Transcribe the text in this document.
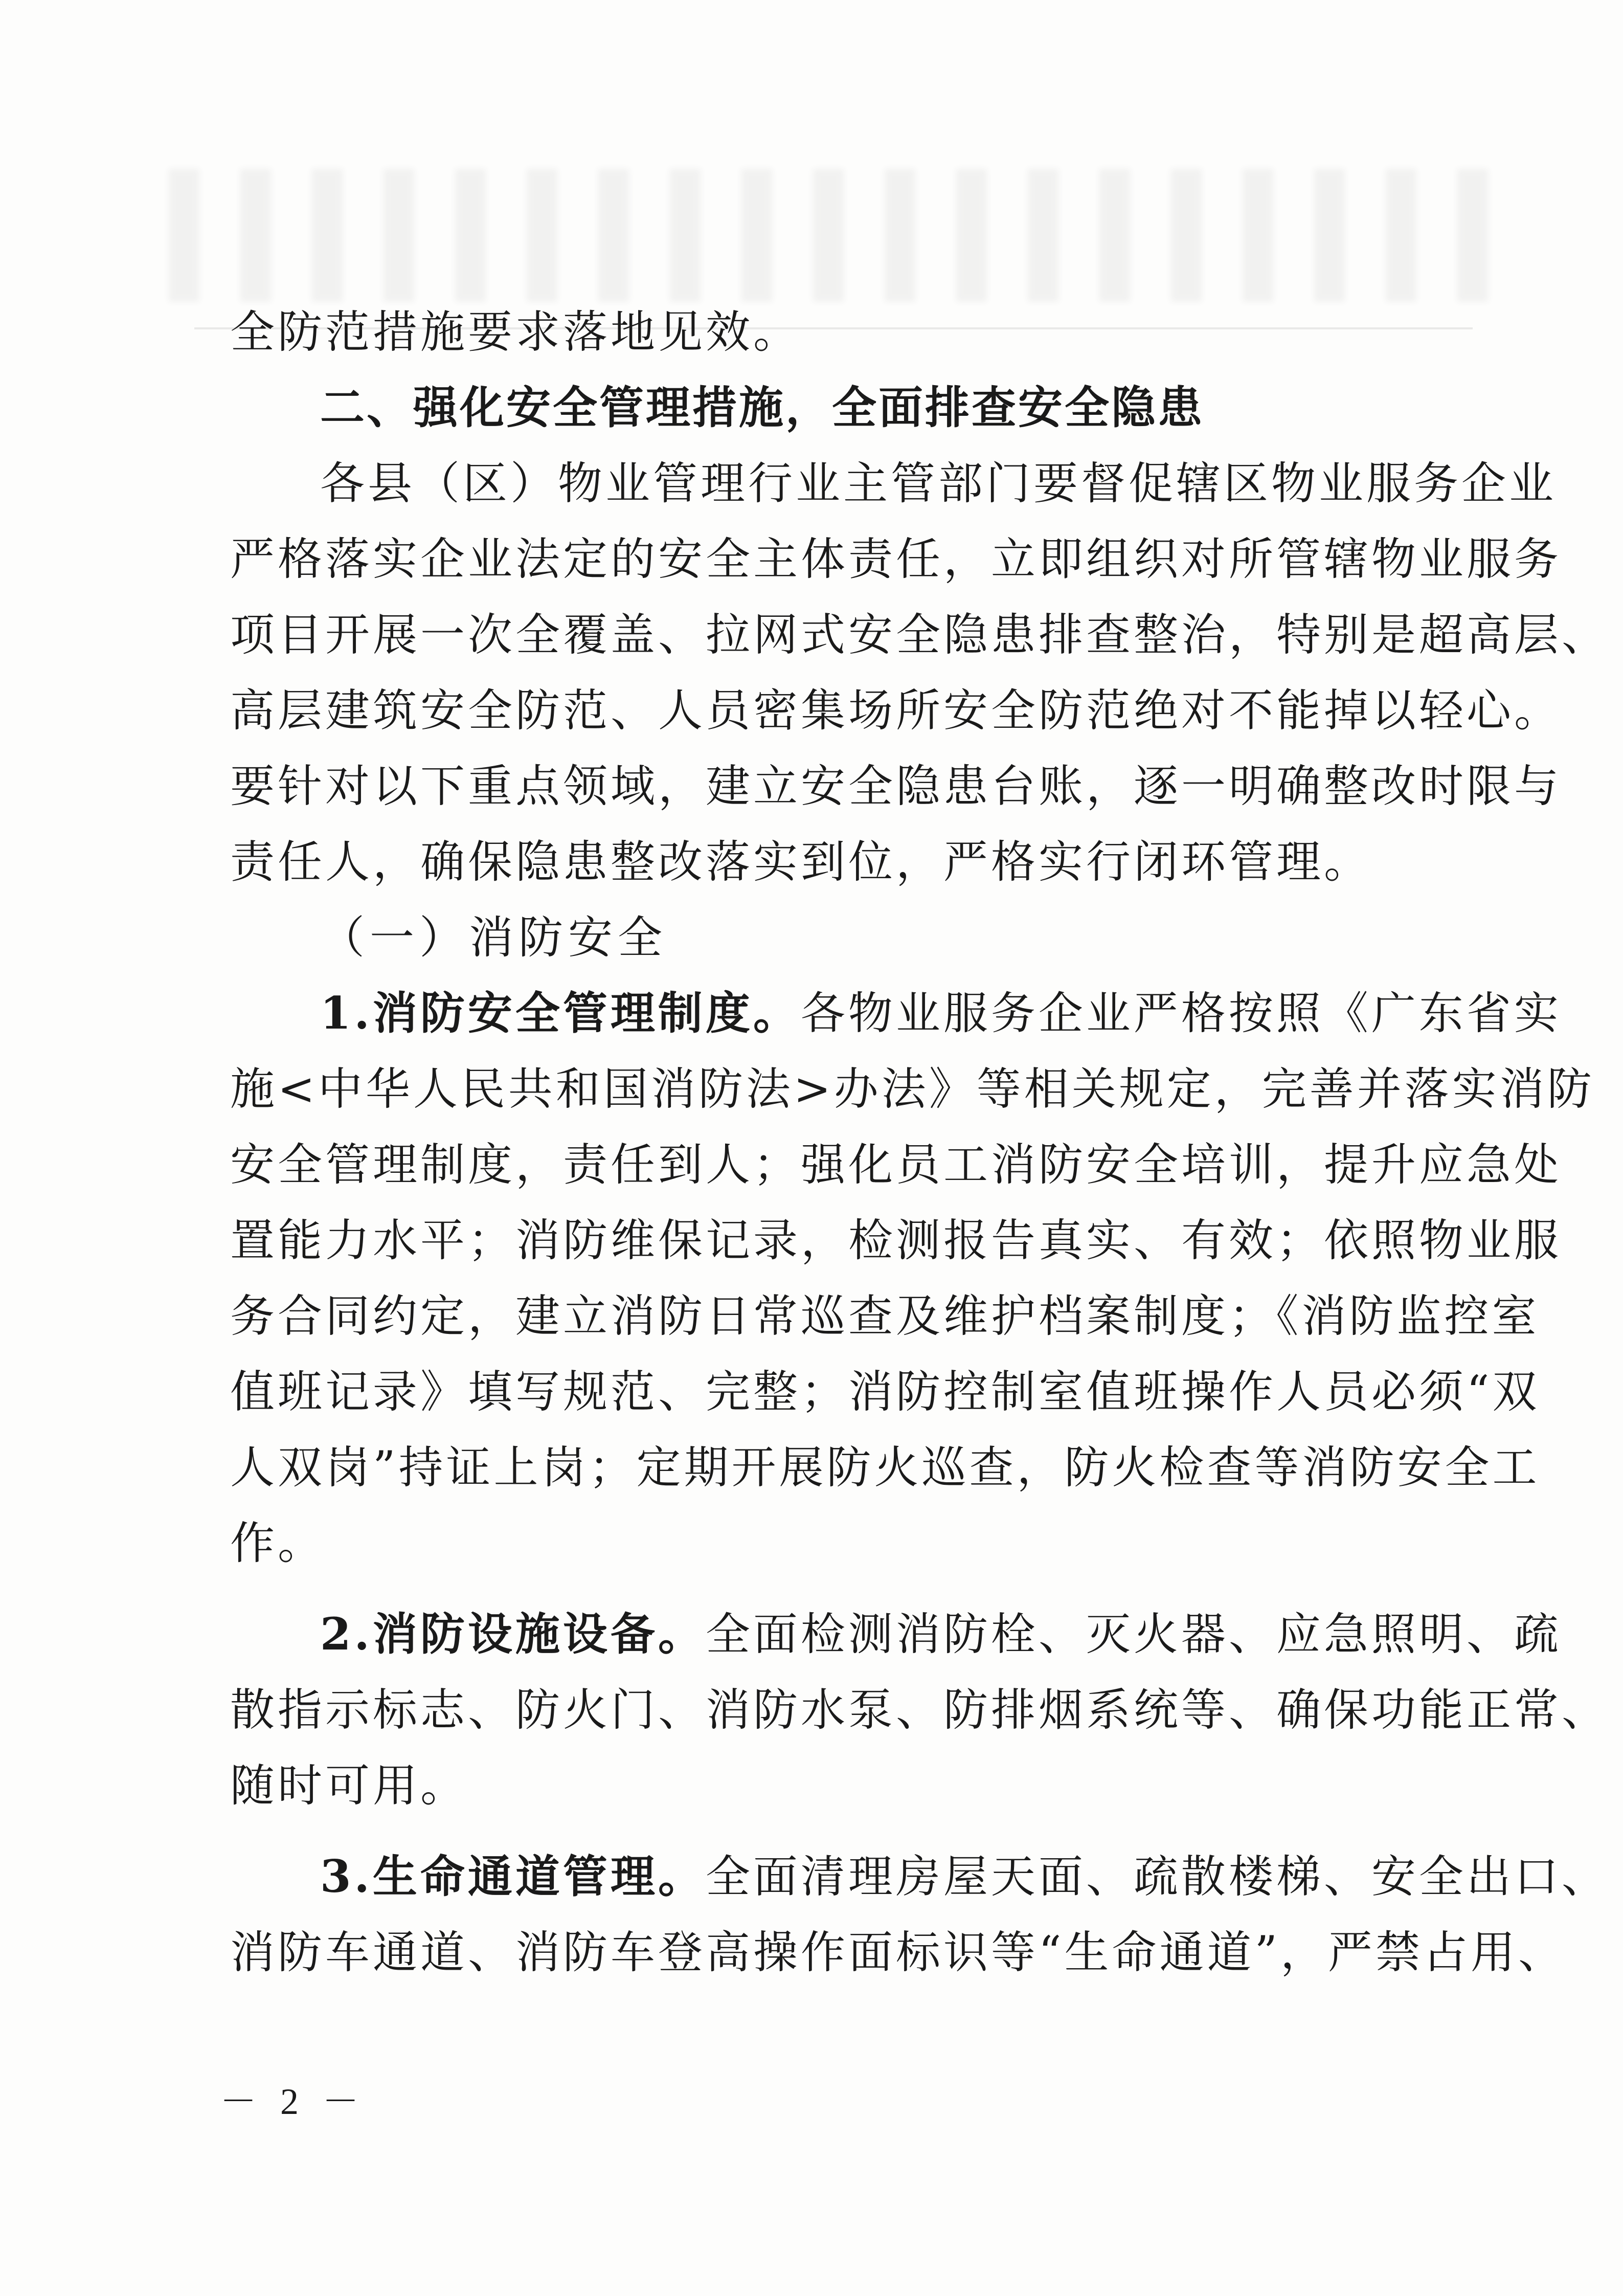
全防范措施要求落地见效。
二、强化安全管理措施，全面排查安全隐患
各县（区）物业管理行业主管部门要督促辖区物业服务企业
严格落实企业法定的安全主体责任，立即组织对所管辖物业服务
项目开展一次全覆盖、拉网式安全隐患排查整治，特别是超高层、
高层建筑安全防范、人员密集场所安全防范绝对不能掉以轻心。
要针对以下重点领域，建立安全隐患台账，逐一明确整改时限与
责任人，确保隐患整改落实到位，严格实行闭环管理。
（一）消防安全
1.消防安全管理制度。各物业服务企业严格按照《广东省实
施<中华人民共和国消防法>办法》等相关规定，完善并落实消防
安全管理制度，责任到人；强化员工消防安全培训，提升应急处
置能力水平；消防维保记录，检测报告真实、有效；依照物业服
务合同约定，建立消防日常巡查及维护档案制度；《消防监控室
值班记录》填写规范、完整；消防控制室值班操作人员必须“双
人双岗”持证上岗；定期开展防火巡查，防火检查等消防安全工
作。
2.消防设施设备。全面检测消防栓、灭火器、应急照明、疏
散指示标志、防火门、消防水泵、防排烟系统等、确保功能正常、
随时可用。
3.生命通道管理。全面清理房屋天面、疏散楼梯、安全出口、
消防车通道、消防车登高操作面标识等“生命通道”，严禁占用、
－ 2 －
